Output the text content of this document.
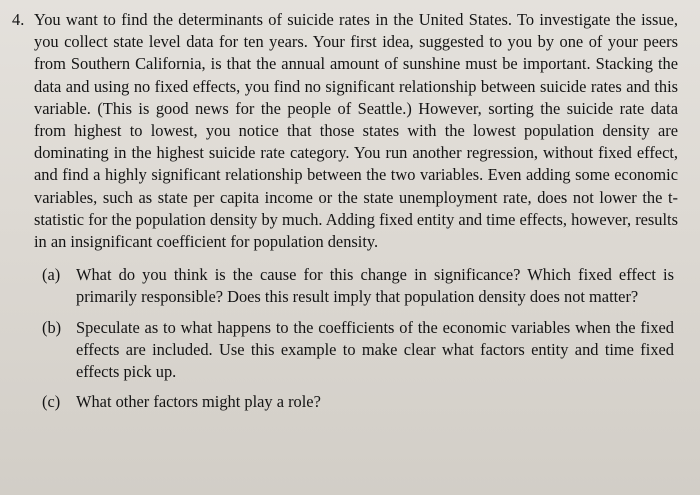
4. You want to find the determinants of suicide rates in the United States. To investigate the issue, you collect state level data for ten years. Your first idea, suggested to you by one of your peers from Southern California, is that the annual amount of sunshine must be important. Stacking the data and using no fixed effects, you find no significant relationship between suicide rates and this variable. (This is good news for the people of Seattle.) However, sorting the suicide rate data from highest to lowest, you notice that those states with the lowest population density are dominating in the highest suicide rate category. You run another regression, without fixed effect, and find a highly significant relationship between the two variables. Even adding some economic variables, such as state per capita income or the state unemployment rate, does not lower the t-statistic for the population density by much. Adding fixed entity and time effects, however, results in an insignificant coefficient for population density.

(a) What do you think is the cause for this change in significance? Which fixed effect is primarily responsible? Does this result imply that population density does not matter?

(b) Speculate as to what happens to the coefficients of the economic variables when the fixed effects are included. Use this example to make clear what factors entity and time fixed effects pick up.

(c) What other factors might play a role?
